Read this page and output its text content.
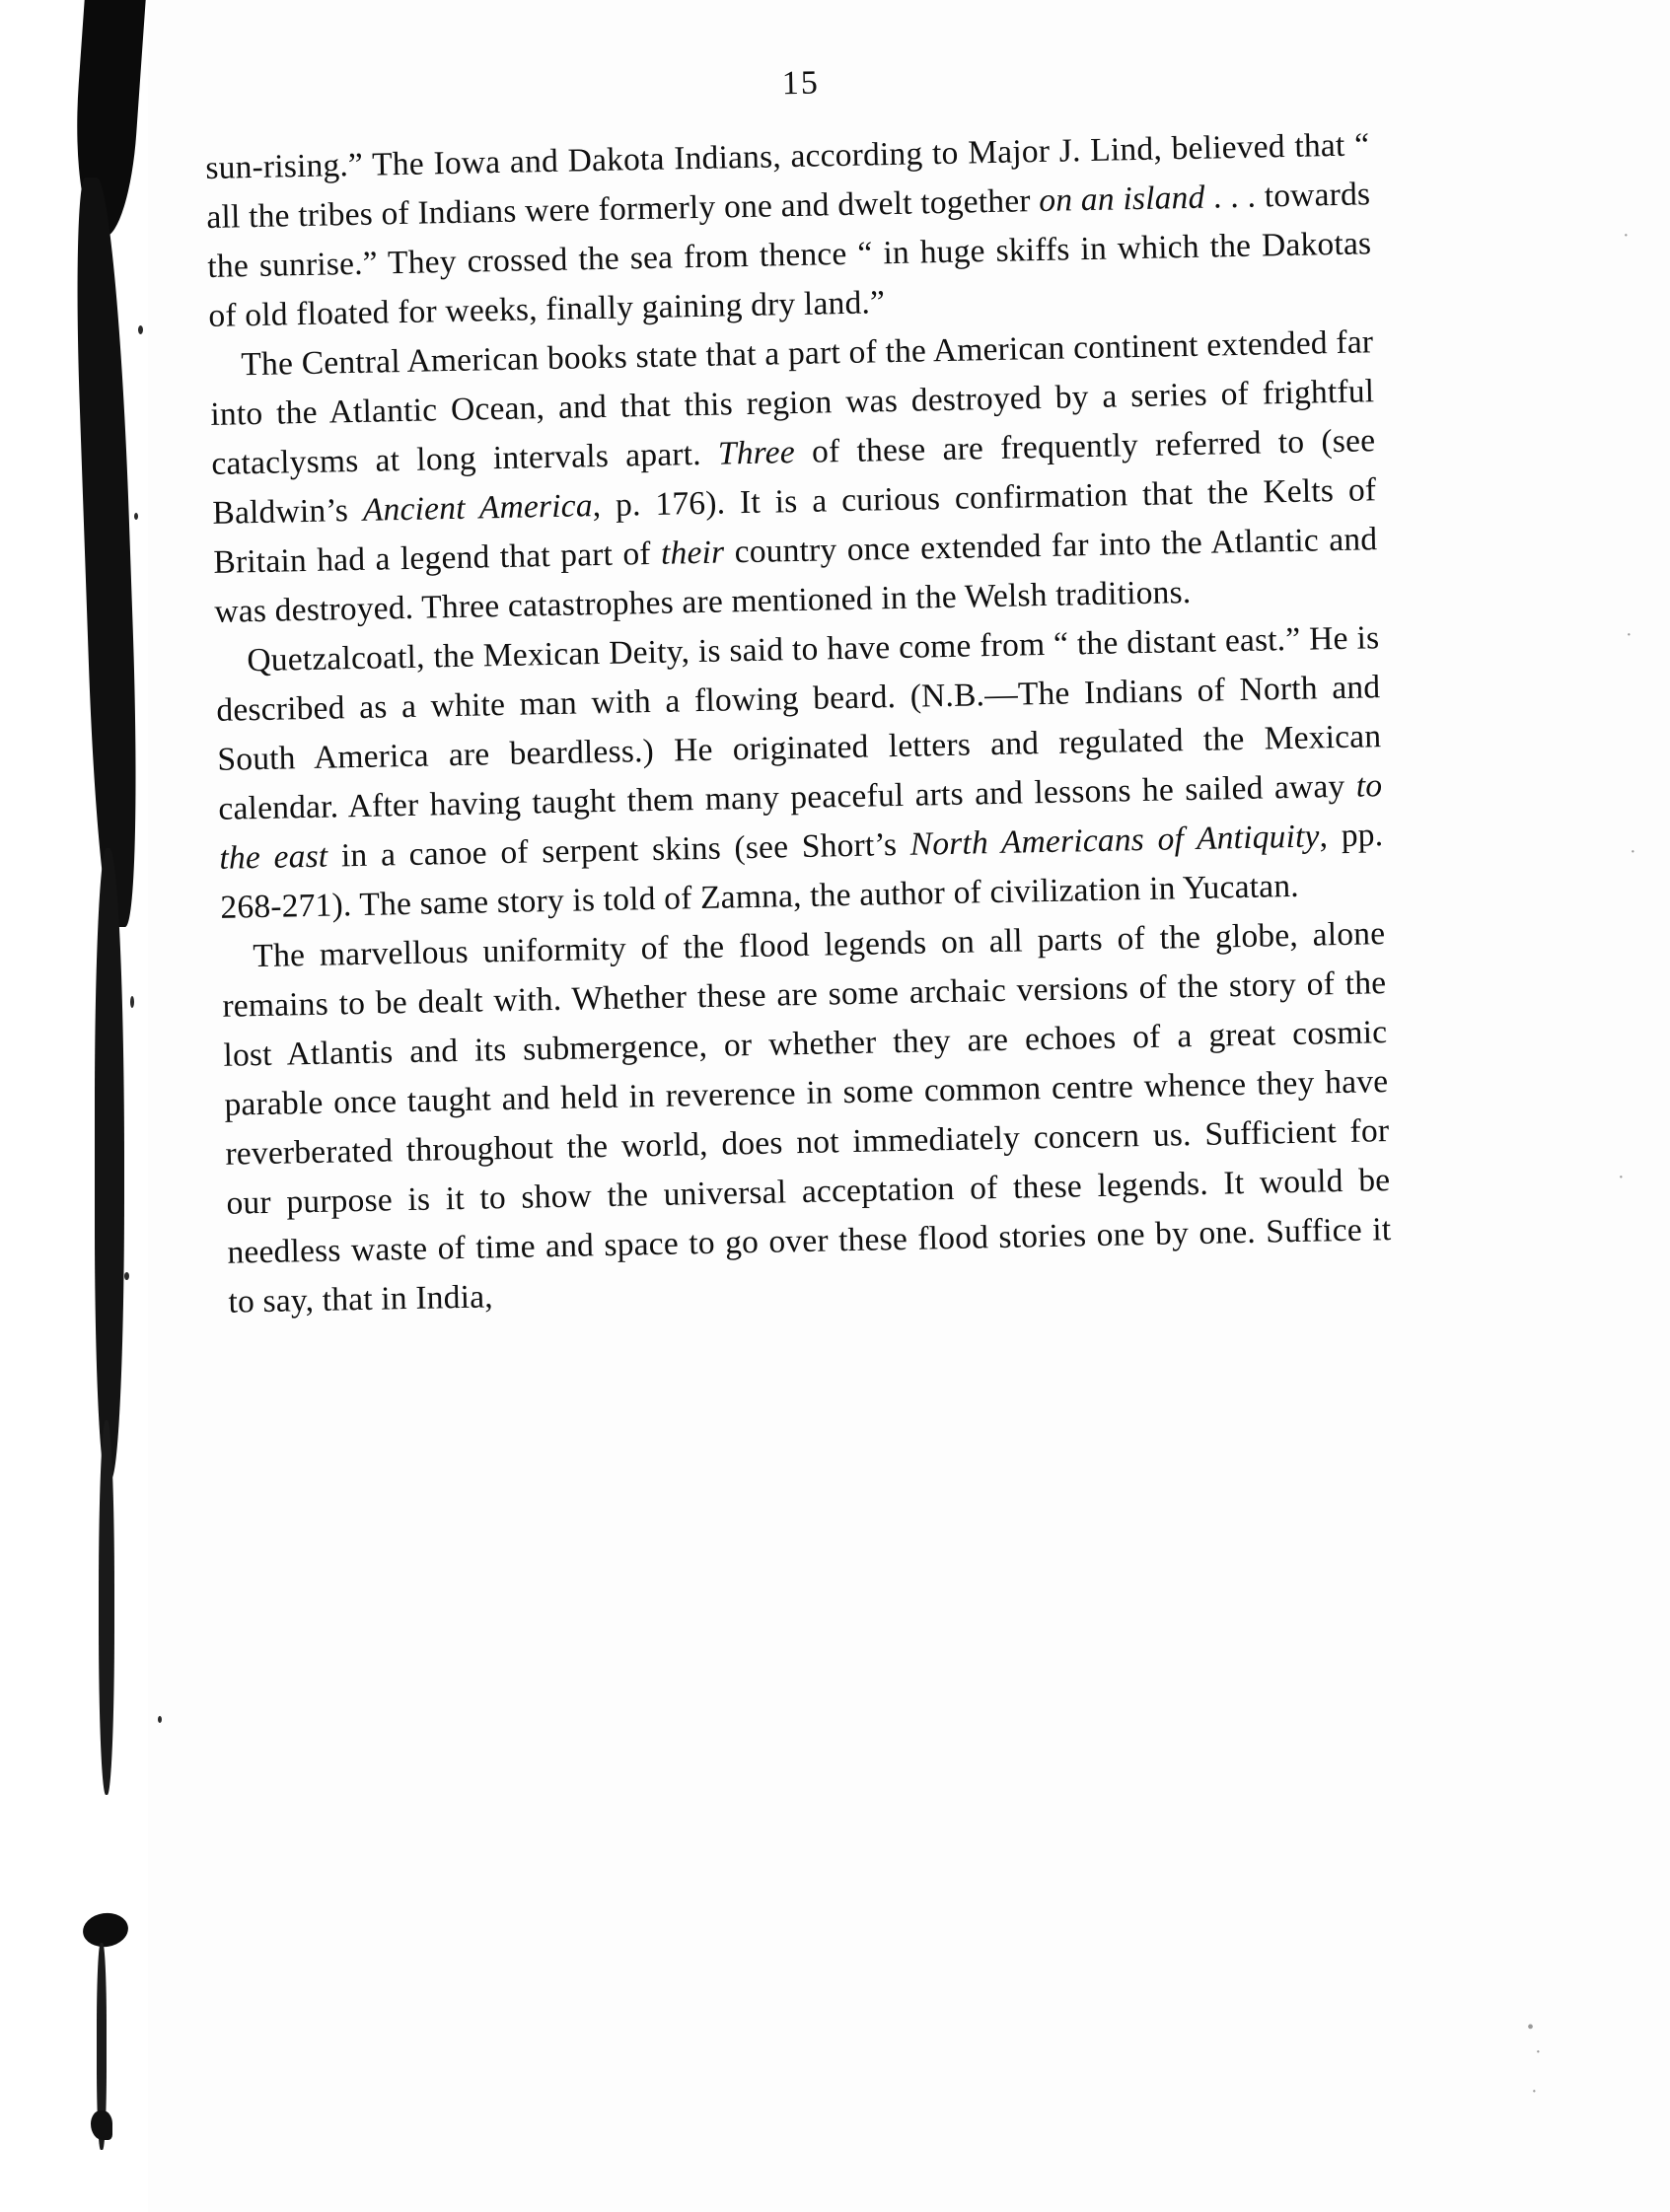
·
·
·
·
•
·
·
15

sun-rising.” The Iowa and Dakota Indians, according to Major J. Lind, believed that “ all the tribes of Indians were formerly one and dwelt together on an island . . . towards the sunrise.” They crossed the sea from thence “ in huge skiffs in which the Dakotas of old floated for weeks, finally gaining dry land.”

The Central American books state that a part of the American continent extended far into the Atlantic Ocean, and that this region was destroyed by a series of frightful cataclysms at long intervals apart. Three of these are frequently referred to (see Baldwin’s Ancient America, p. 176). It is a curious confirmation that the Kelts of Britain had a legend that part of their country once extended far into the Atlantic and was destroyed. Three catastrophes are mentioned in the Welsh traditions.

Quetzalcoatl, the Mexican Deity, is said to have come from “ the distant east.” He is described as a white man with a flowing beard. (N.B.—The Indians of North and South America are beardless.) He originated letters and regulated the Mexican calendar. After having taught them many peaceful arts and lessons he sailed away to the east in a canoe of serpent skins (see Short’s North Americans of Antiquity, pp. 268-271). The same story is told of Zamna, the author of civilization in Yucatan.

The marvellous uniformity of the flood legends on all parts of the globe, alone remains to be dealt with. Whether these are some archaic versions of the story of the lost Atlantis and its submergence, or whether they are echoes of a great cosmic parable once taught and held in reverence in some common centre whence they have reverberated throughout the world, does not immediately concern us. Sufficient for our purpose is it to show the universal acceptation of these legends. It would be needless waste of time and space to go over these flood stories one by one. Suffice it to say, that in India,
